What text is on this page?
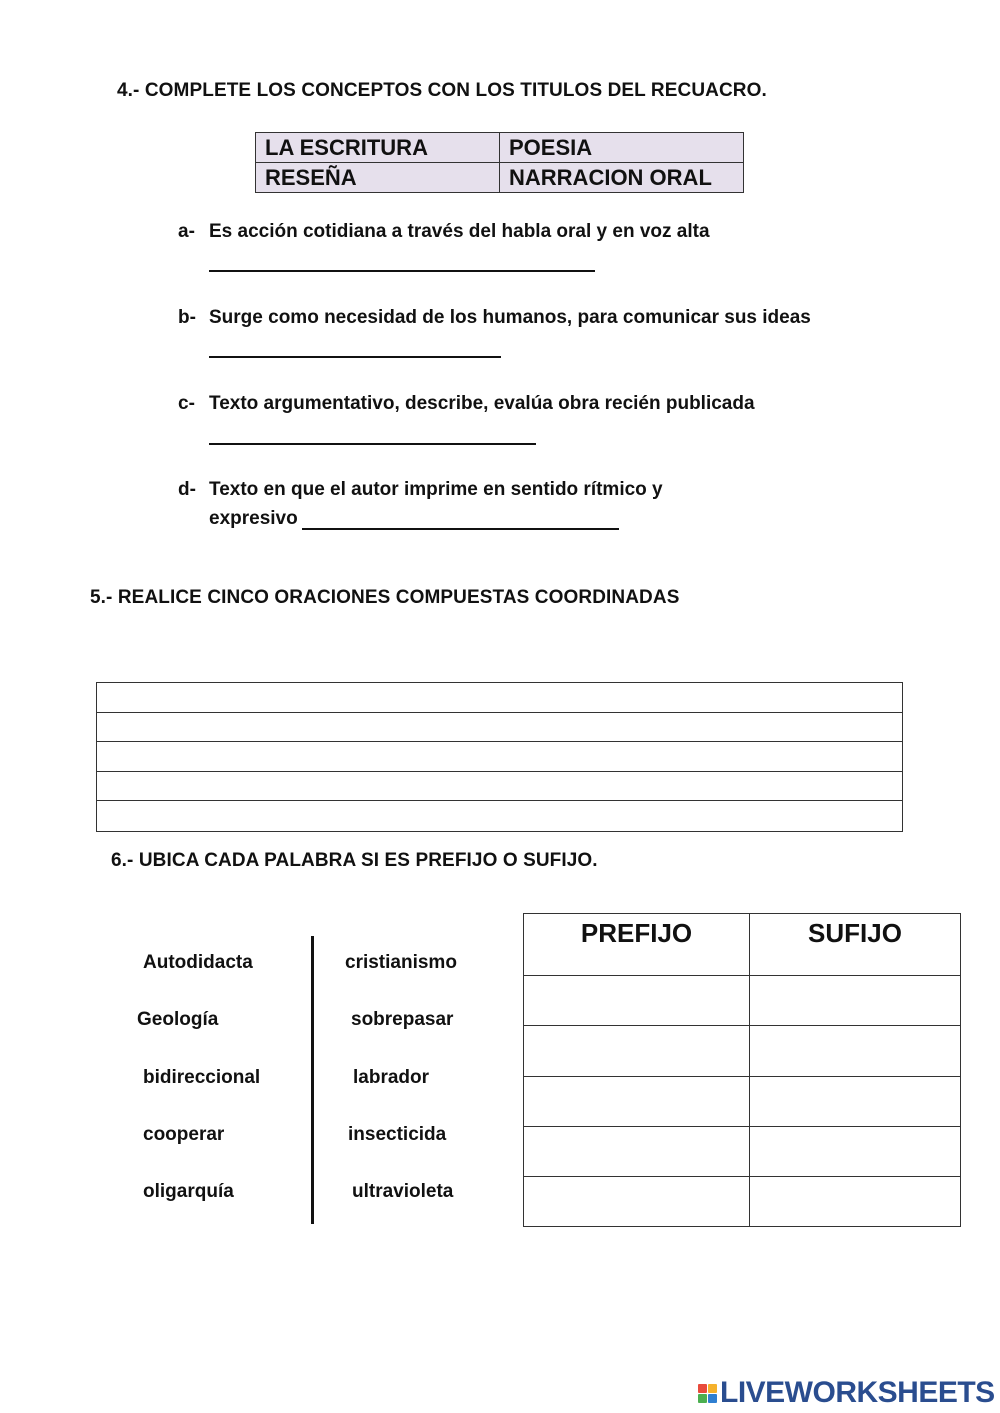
4.- COMPLETE LOS CONCEPTOS CON LOS TITULOS DEL RECUACRO.
LA ESCRITURA	POESIA
RESEÑA	NARRACION ORAL
a- Es acción cotidiana a través del habla oral y en voz alta
b- Surge como necesidad de los humanos, para comunicar sus ideas
c- Texto argumentativo, describe, evalúa obra recién publicada
d- Texto en que el autor imprime en sentido rítmico y
expresivo
5.- REALICE CINCO ORACIONES COMPUESTAS COORDINADAS
6.- UBICA CADA PALABRA SI ES PREFIJO O SUFIJO.
Autodidacta
Geología
bidireccional
cooperar
oligarquía
cristianismo
sobrepasar
labrador
insecticida
ultravioleta
PREFIJO	SUFIJO

LIVEWORKSHEETS
